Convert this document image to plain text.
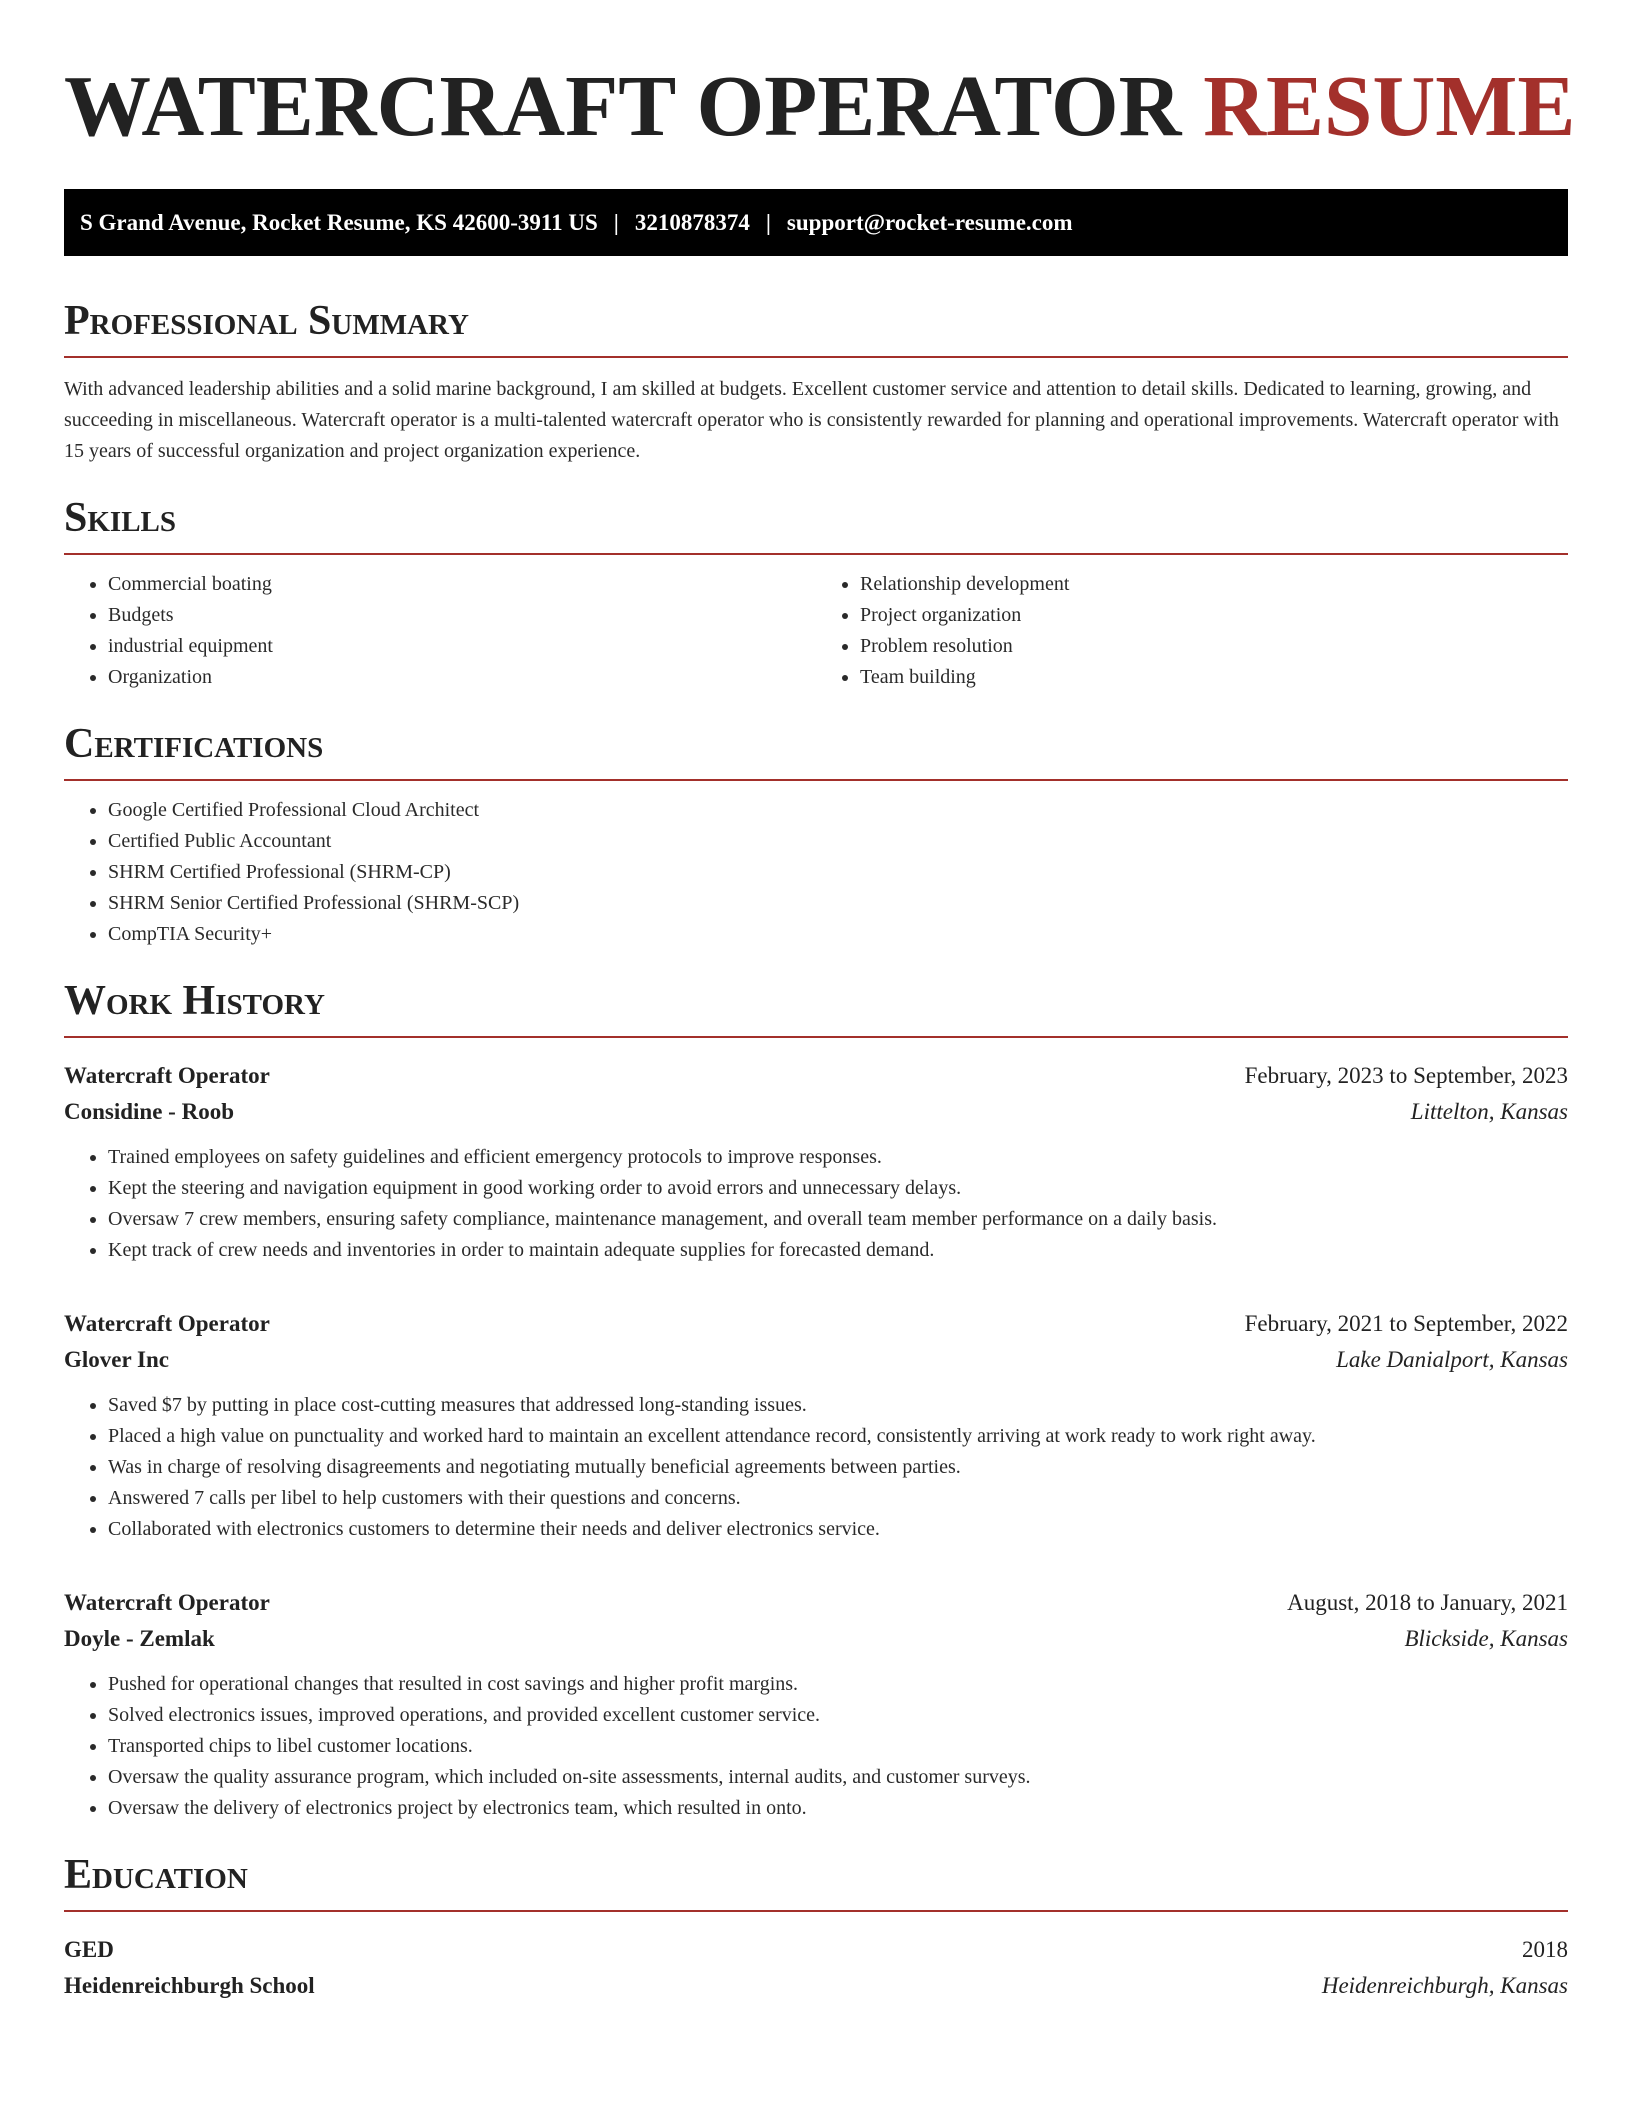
WATERCRAFT OPERATOR RESUME
S Grand Avenue, Rocket Resume, KS 42600-3911 US | 3210878374 | support@rocket-resume.com
Professional Summary

With advanced leadership abilities and a solid marine background, I am skilled at budgets. Excellent customer service and attention to detail skills. Dedicated to learning, growing, and succeeding in miscellaneous. Watercraft operator is a multi-talented watercraft operator who is consistently rewarded for planning and operational improvements. Watercraft operator with 15 years of successful organization and project organization experience.

Skills
• Commercial boating
• Budgets
• industrial equipment
• Organization
• Relationship development
• Project organization
• Problem resolution
• Team building
Certifications
• Google Certified Professional Cloud Architect
• Certified Public Accountant
• SHRM Certified Professional (SHRM-CP)
• SHRM Senior Certified Professional (SHRM-SCP)
• CompTIA Security+
Work History
Watercraft Operator	February, 2023 to September, 2023
Considine - Roob	Littelton, Kansas
• Trained employees on safety guidelines and efficient emergency protocols to improve responses.
• Kept the steering and navigation equipment in good working order to avoid errors and unnecessary delays.
• Oversaw 7 crew members, ensuring safety compliance, maintenance management, and overall team member performance on a daily basis.
• Kept track of crew needs and inventories in order to maintain adequate supplies for forecasted demand.
Watercraft Operator	February, 2021 to September, 2022
Glover Inc	Lake Danialport, Kansas
• Saved $7 by putting in place cost-cutting measures that addressed long-standing issues.
• Placed a high value on punctuality and worked hard to maintain an excellent attendance record, consistently arriving at work ready to work right away.
• Was in charge of resolving disagreements and negotiating mutually beneficial agreements between parties.
• Answered 7 calls per libel to help customers with their questions and concerns.
• Collaborated with electronics customers to determine their needs and deliver electronics service.
Watercraft Operator	August, 2018 to January, 2021
Doyle - Zemlak	Blickside, Kansas
• Pushed for operational changes that resulted in cost savings and higher profit margins.
• Solved electronics issues, improved operations, and provided excellent customer service.
• Transported chips to libel customer locations.
• Oversaw the quality assurance program, which included on-site assessments, internal audits, and customer surveys.
• Oversaw the delivery of electronics project by electronics team, which resulted in onto.
Education
GED	2018
Heidenreichburgh School	Heidenreichburgh, Kansas
